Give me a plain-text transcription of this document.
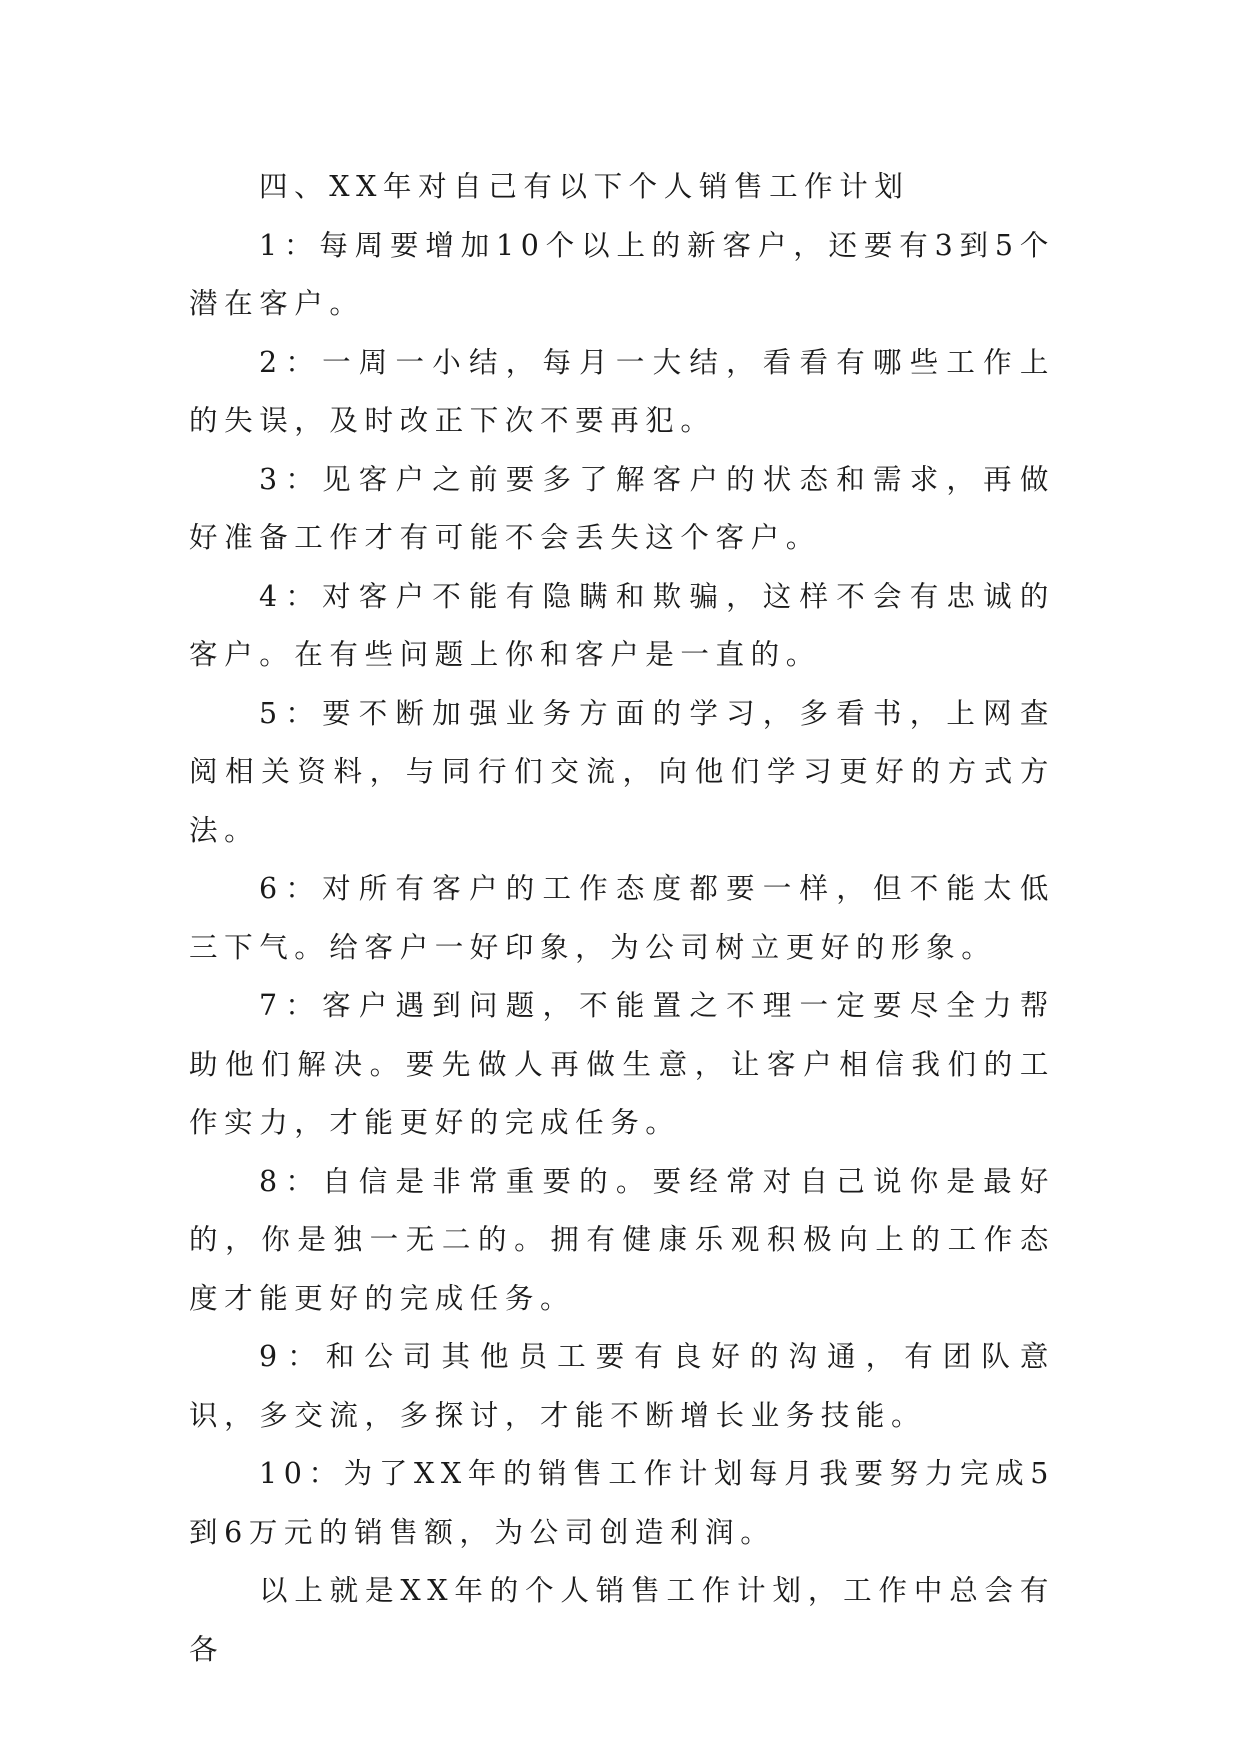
四、XX年对自己有以下个人销售工作计划

1：每周要增加10个以上的新客户，还要有3到5个潜在客户。

2：一周一小结，每月一大结，看看有哪些工作上的失误，及时改正下次不要再犯。

3：见客户之前要多了解客户的状态和需求，再做好准备工作才有可能不会丢失这个客户。

4：对客户不能有隐瞒和欺骗，这样不会有忠诚的客户。在有些问题上你和客户是一直的。

5：要不断加强业务方面的学习，多看书，上网查阅相关资料，与同行们交流，向他们学习更好的方式方法。

6：对所有客户的工作态度都要一样，但不能太低三下气。给客户一好印象，为公司树立更好的形象。

7：客户遇到问题，不能置之不理一定要尽全力帮助他们解决。要先做人再做生意，让客户相信我们的工作实力，才能更好的完成任务。

8：自信是非常重要的。要经常对自己说你是最好的，你是独一无二的。拥有健康乐观积极向上的工作态度才能更好的完成任务。

9：和公司其他员工要有良好的沟通，有团队意识，多交流，多探讨，才能不断增长业务技能。

10：为了XX年的销售工作计划每月我要努力完成5到6万元的销售额，为公司创造利润。

以上就是XX年的个人销售工作计划，工作中总会有各
